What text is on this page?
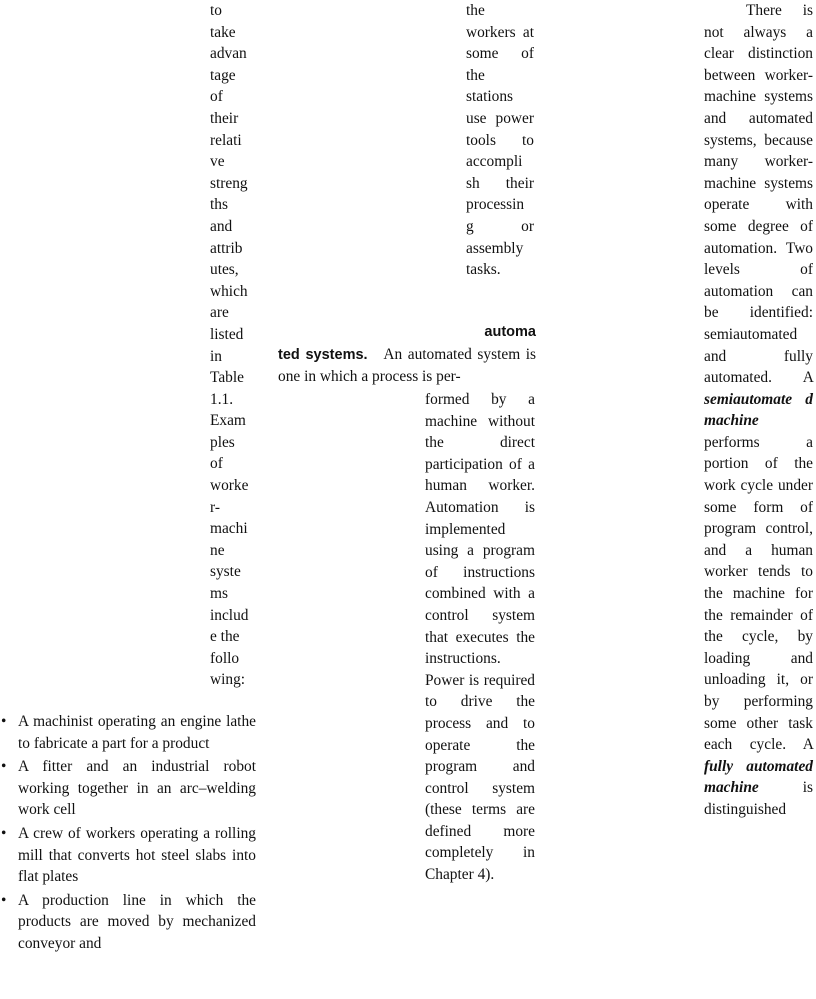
to
take
advan
tage
of
their
relati
ve
streng
ths
and
attrib
utes,
which
are
listed
in
Table
1.1.
Exam
ples
of
worke
r-
machi
ne
syste
ms
includ
e the
follo
wing:
• A machinist operating an engine lathe to fabricate a part for a product
• A fitter and an industrial robot working together in an arc–welding work cell
• A crew of workers operating a rolling mill that converts hot steel slabs into flat plates
• A production line in which the products are moved by mechanized conveyor and

the workers at some of the stations use power tools to accompli sh their processin g or assembly tasks.

automa

ted systems. An automated system is one in which a process is per-

formed by a machine without the direct participation of a human worker. Automation is implemented using a program of instructions combined with a control system that executes the instructions. Power is required to drive the process and to operate the program and control system (these terms are defined more completely in Chapter 4).

There is not always a clear distinction between worker-machine systems and automated systems, because many worker-machine systems operate with some degree of automation. Two levels of automation can be identified: semiautomated and fully automated. A semiautomate d machine performs a portion of the work cycle under some form of program control, and a human worker tends to the machine for the remainder of the cycle, by loading and unloading it, or by performing some other task each cycle. A fully automated machine	is distinguished
